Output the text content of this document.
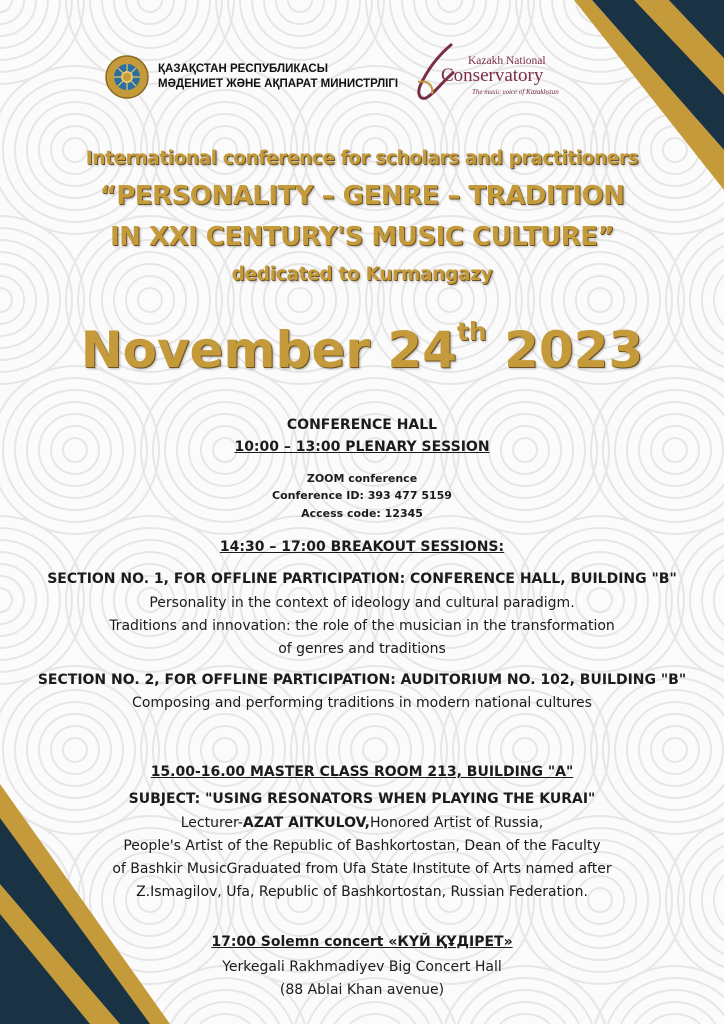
ҚАЗАҚСТАН РЕСПУБЛИКАСЫ
МӘДЕНИЕТ ЖӘНЕ АҚПАРАТ МИНИСТРЛІГІ
Kazakh National
Conservatory
The music voice of Kazakhstan
International conference for scholars and practitioners
“PERSONALITY – GENRE – TRADITION
IN XXI CENTURY'S MUSIC CULTURE”
dedicated to Kurmangazy
November 24th 2023
CONFERENCE HALL
10:00 – 13:00 PLENARY SESSION
ZOOM conference
Conference ID: 393 477 5159
Access code: 12345
14:30 – 17:00 BREAKOUT SESSIONS:
SECTION NO. 1, FOR OFFLINE PARTICIPATION: CONFERENCE HALL, BUILDING "B"
Personality in the context of ideology and cultural paradigm.
Traditions and innovation: the role of the musician in the transformation
of genres and traditions
SECTION NO. 2, FOR OFFLINE PARTICIPATION: AUDITORIUM NO. 102, BUILDING "B"
Composing and performing traditions in modern national cultures
15.00-16.00 MASTER CLASS ROOM 213, BUILDING "A"
SUBJECT: "USING RESONATORS WHEN PLAYING THE KURAI"
Lecturer-AZAT AITKULOV,Honored Artist of Russia,
People's Artist of the Republic of Bashkortostan, Dean of the Faculty
of Bashkir MusicGraduated from Ufa State Institute of Arts named after
Z.Ismagilov, Ufa, Republic of Bashkortostan, Russian Federation.
17:00 Solemn concert «КҮЙ ҚҰДІРЕТ»
Yerkegali Rakhmadiyev Big Concert Hall
(88 Ablai Khan avenue)
